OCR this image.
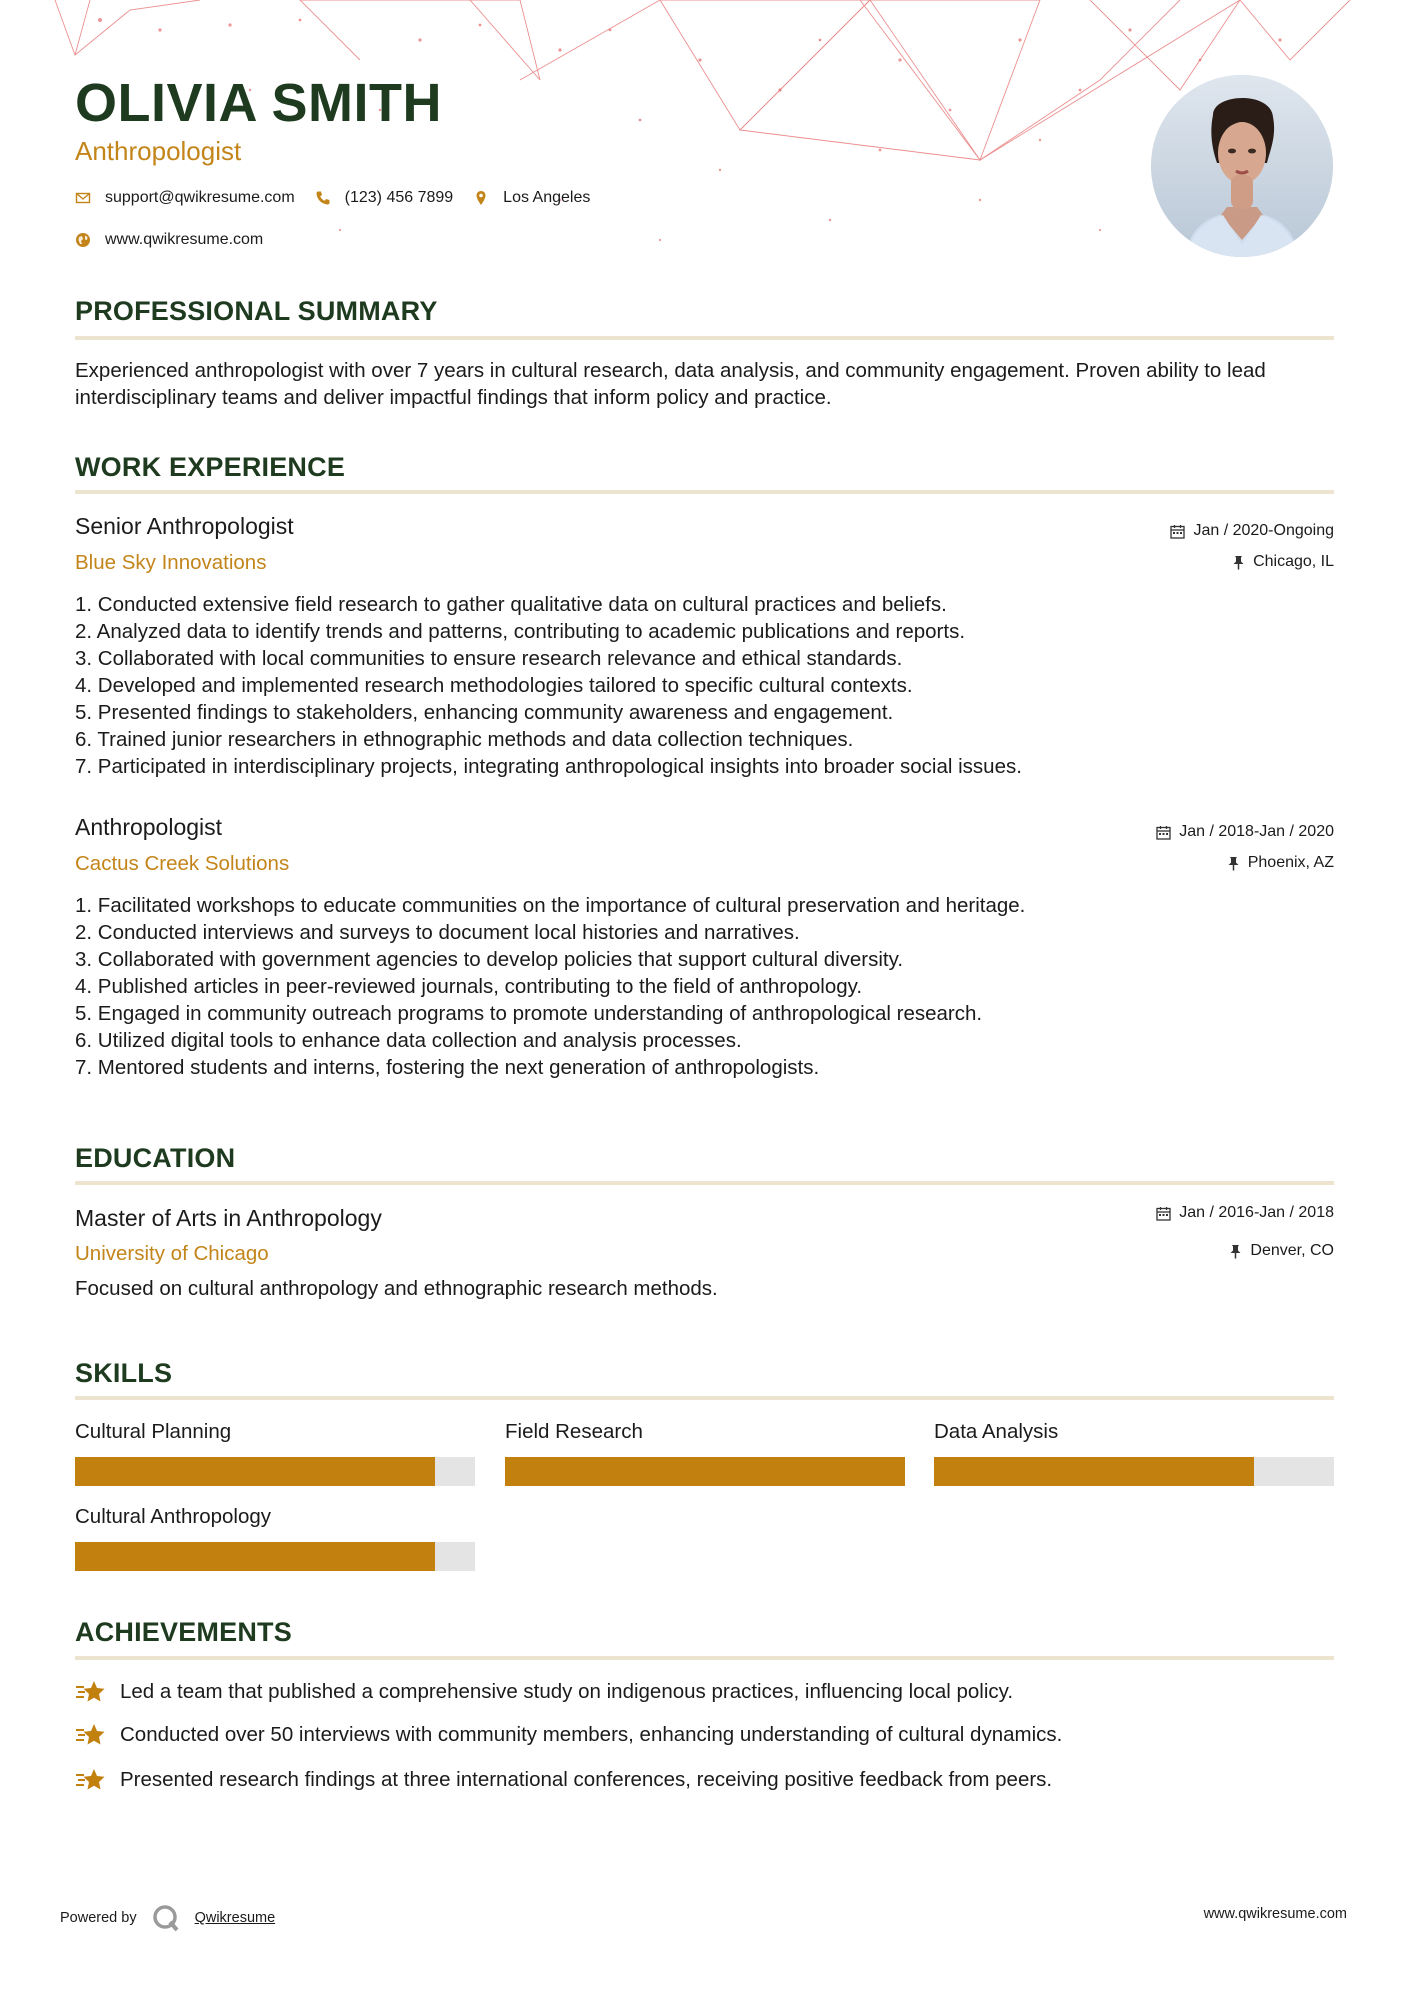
OLIVIA SMITH

Anthropologist

support@qwikresume.com	(123) 456 7899	Los Angeles
www.qwikresume.com
PROFESSIONAL SUMMARY

Experienced anthropologist with over 7 years in cultural research, data analysis, and community engagement. Proven ability to lead interdisciplinary teams and deliver impactful findings that inform policy and practice.

WORK EXPERIENCE

Senior Anthropologist

Blue Sky Innovations

Jan / 2020-Ongoing
Chicago, IL
1. Conducted extensive field research to gather qualitative data on cultural practices and beliefs.
2. Analyzed data to identify trends and patterns, contributing to academic publications and reports.
3. Collaborated with local communities to ensure research relevance and ethical standards.
4. Developed and implemented research methodologies tailored to specific cultural contexts.
5. Presented findings to stakeholders, enhancing community awareness and engagement.
6. Trained junior researchers in ethnographic methods and data collection techniques.
7. Participated in interdisciplinary projects, integrating anthropological insights into broader social issues.

Anthropologist

Cactus Creek Solutions

Jan / 2018-Jan / 2020
Phoenix, AZ
1. Facilitated workshops to educate communities on the importance of cultural preservation and heritage.
2. Conducted interviews and surveys to document local histories and narratives.
3. Collaborated with government agencies to develop policies that support cultural diversity.
4. Published articles in peer-reviewed journals, contributing to the field of anthropology.
5. Engaged in community outreach programs to promote understanding of anthropological research.
6. Utilized digital tools to enhance data collection and analysis processes.
7. Mentored students and interns, fostering the next generation of anthropologists.
EDUCATION

Master of Arts in Anthropology

University of Chicago

Jan / 2016-Jan / 2018
Denver, CO

Focused on cultural anthropology and ethnographic research methods.

SKILLS

Cultural Planning	Field Research	Data Analysis

Cultural Anthropology

ACHIEVEMENTS
Led a team that published a comprehensive study on indigenous practices, influencing local policy.
Conducted over 50 interviews with community members, enhancing understanding of cultural dynamics.
Presented research findings at three international conferences, receiving positive feedback from peers.
Powered by	Qwikresume	www.qwikresume.com
